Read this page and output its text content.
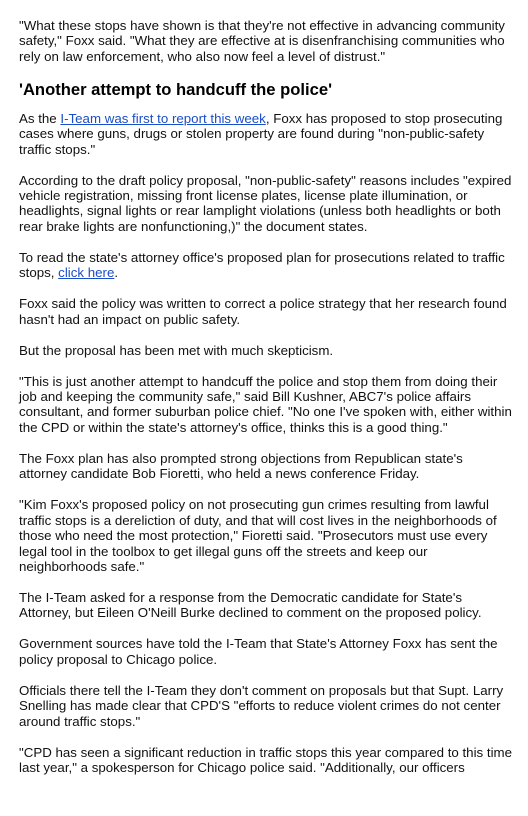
"What these stops have shown is that they're not effective in advancing community safety," Foxx said. "What they are effective at is disenfranchising communities who rely on law enforcement, who also now feel a level of distrust."

'Another attempt to handcuff the police'

As the I-Team was first to report this week, Foxx has proposed to stop prosecuting cases where guns, drugs or stolen property are found during "non-public-safety traffic stops."

According to the draft policy proposal, "non-public-safety" reasons includes "expired vehicle registration, missing front license plates, license plate illumination, or headlights, signal lights or rear lamplight violations (unless both headlights or both rear brake lights are nonfunctioning,)" the document states.

To read the state's attorney office's proposed plan for prosecutions related to traffic stops, click here.

Foxx said the policy was written to correct a police strategy that her research found hasn't had an impact on public safety.

But the proposal has been met with much skepticism.

"This is just another attempt to handcuff the police and stop them from doing their job and keeping the community safe," said Bill Kushner, ABC7's police affairs consultant, and former suburban police chief. "No one I've spoken with, either within the CPD or within the state's attorney's office, thinks this is a good thing."

The Foxx plan has also prompted strong objections from Republican state's attorney candidate Bob Fioretti, who held a news conference Friday.

"Kim Foxx's proposed policy on not prosecuting gun crimes resulting from lawful traffic stops is a dereliction of duty, and that will cost lives in the neighborhoods of those who need the most protection," Fioretti said. "Prosecutors must use every legal tool in the toolbox to get illegal guns off the streets and keep our neighborhoods safe."

The I-Team asked for a response from the Democratic candidate for State's Attorney, but Eileen O'Neill Burke declined to comment on the proposed policy.

Government sources have told the I-Team that State's Attorney Foxx has sent the policy proposal to Chicago police.

Officials there tell the I-Team they don't comment on proposals but that Supt. Larry Snelling has made clear that CPD'S "efforts to reduce violent crimes do not center around traffic stops."

"CPD has seen a significant reduction in traffic stops this year compared to this time last year," a spokesperson for Chicago police said. "Additionally, our officers
